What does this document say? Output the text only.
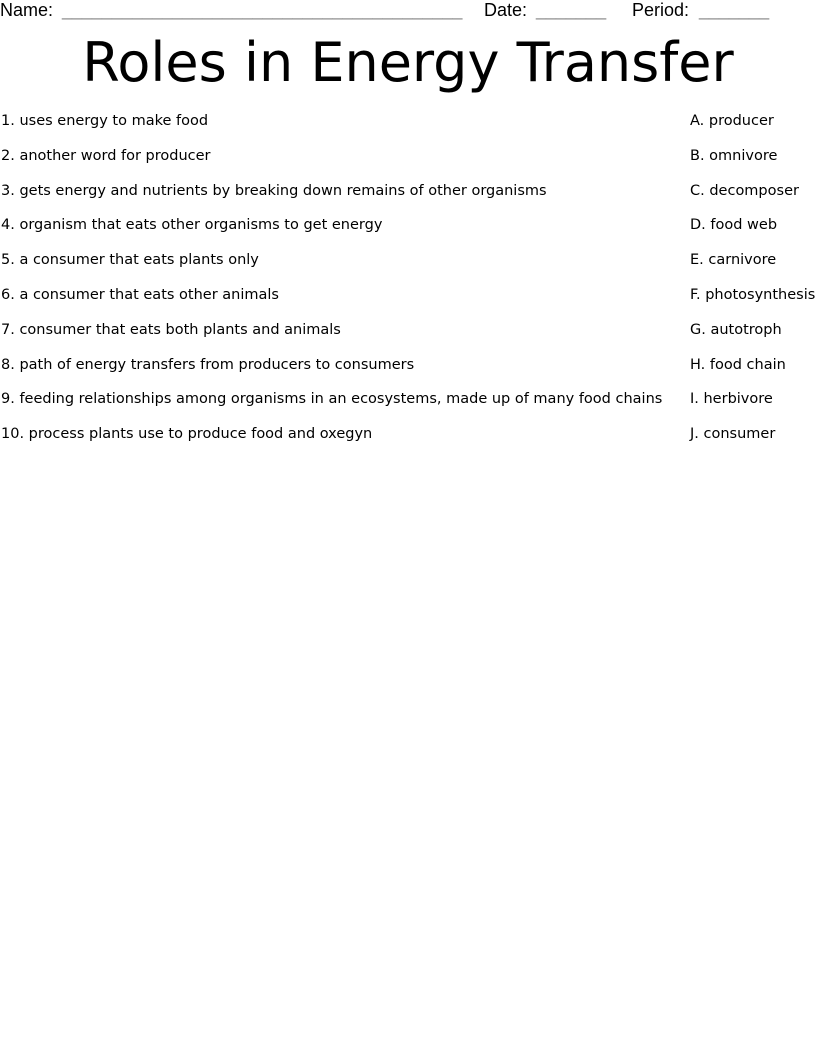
Name: ________________________________________ Date: _______ Period: _______
Roles in Energy Transfer
1. uses energy to make food
2. another word for producer
3. gets energy and nutrients by breaking down remains of other organisms
4. organism that eats other organisms to get energy
5. a consumer that eats plants only
6. a consumer that eats other animals
7. consumer that eats both plants and animals
8. path of energy transfers from producers to consumers
9. feeding relationships among organisms in an ecosystems, made up of many food chains
10. process plants use to produce food and oxegyn
A. producer
B. omnivore
C. decomposer
D. food web
E. carnivore
F. photosynthesis
G. autotroph
H. food chain
I. herbivore
J. consumer
